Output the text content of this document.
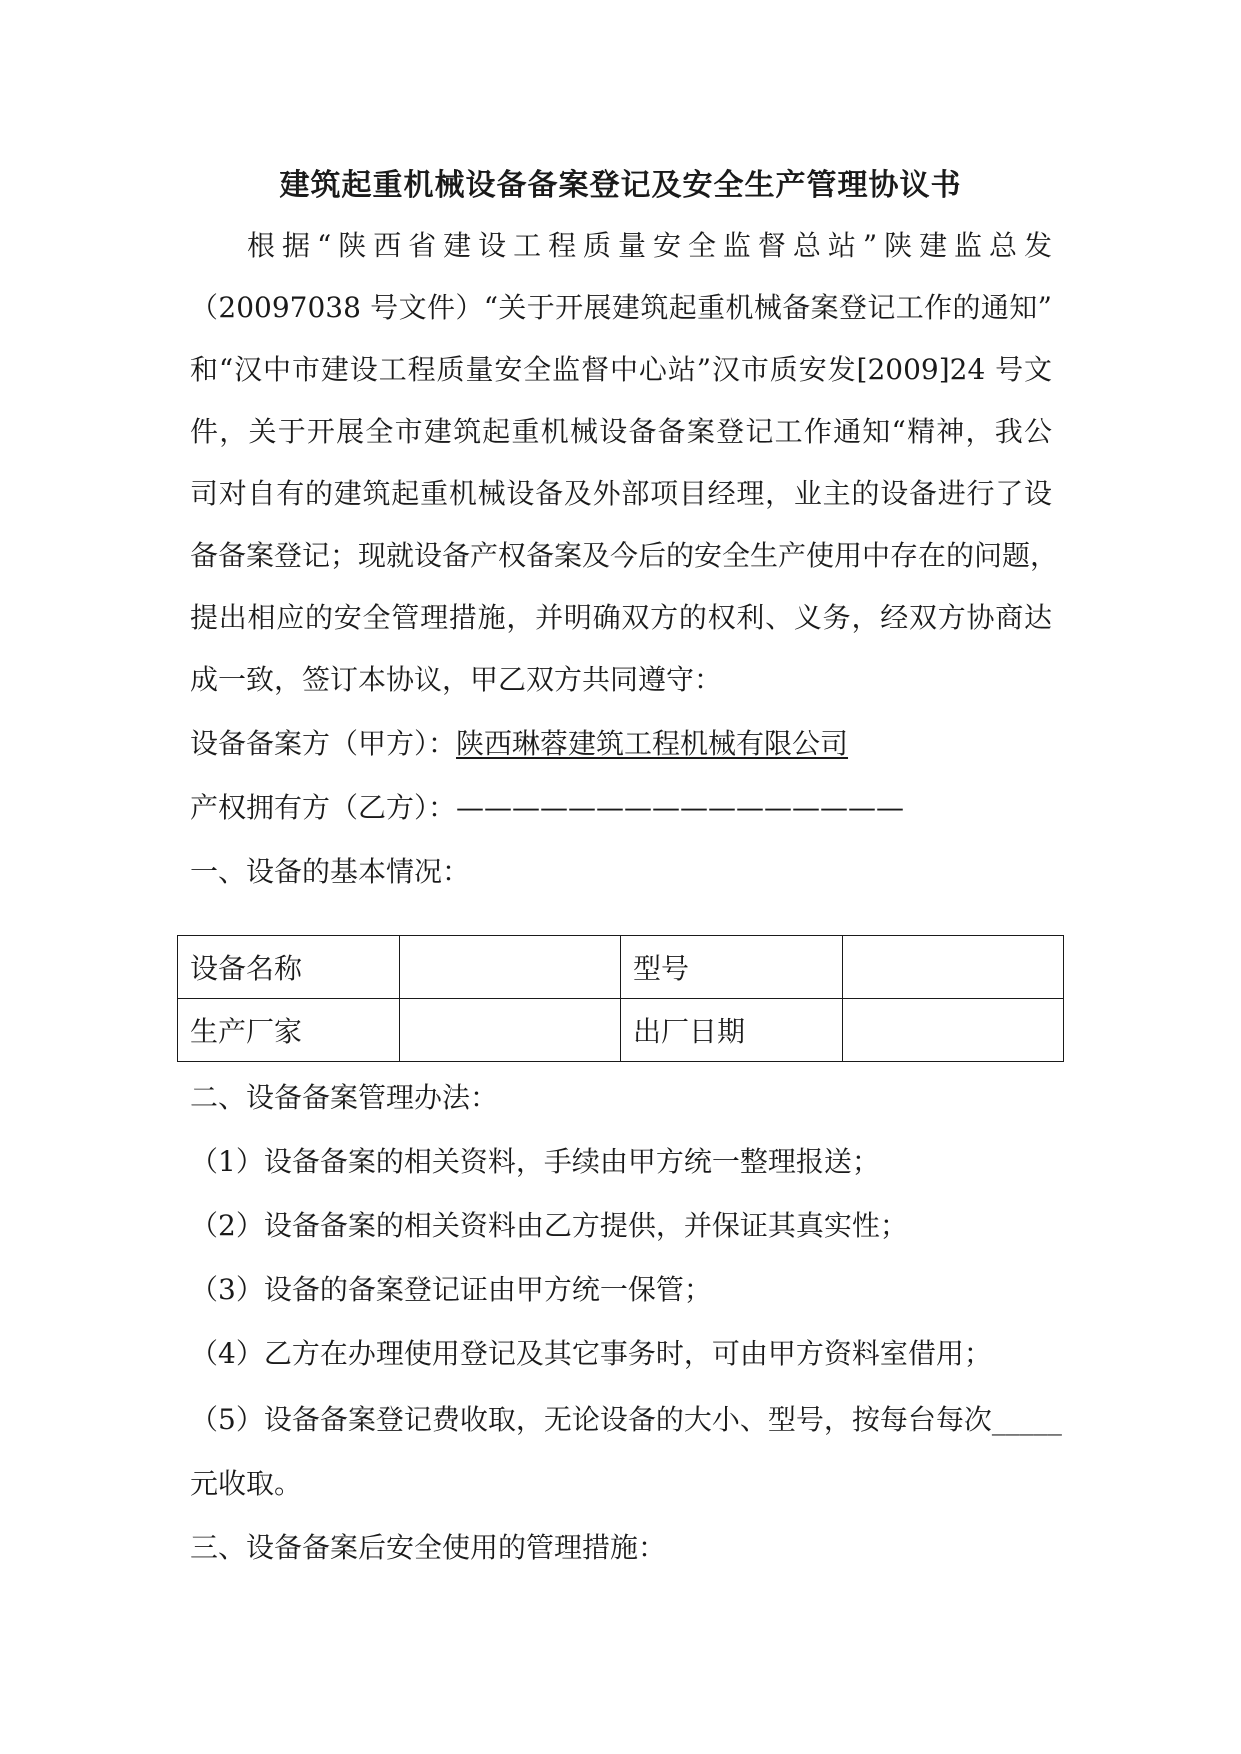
建筑起重机械设备备案登记及安全生产管理协议书

根据“陕西省建设工程质量安全监督总站”陕建监总发

（20097038 号文件）“关于开展建筑起重机械备案登记工作的通知”

和“汉中市建设工程质量安全监督中心站”汉市质安发[2009]24 号文

件，关于开展全市建筑起重机械设备备案登记工作通知“精神，我公

司对自有的建筑起重机械设备及外部项目经理，业主的设备进行了设

备备案登记；现就设备产权备案及今后的安全生产使用中存在的问题，

提出相应的安全管理措施，并明确双方的权利、义务，经双方协商达

成一致，签订本协议，甲乙双方共同遵守：

设备备案方（甲方）：陕西琳蓉建筑工程机械有限公司

产权拥有方（乙方）：————————————————

一、设备的基本情况：

设备名称		型号	
生产厂家		出厂日期	

二、设备备案管理办法：

（1）设备备案的相关资料，手续由甲方统一整理报送；

（2）设备备案的相关资料由乙方提供，并保证其真实性；

（3）设备的备案登记证由甲方统一保管；

（4）乙方在办理使用登记及其它事务时，可由甲方资料室借用；

（5）设备备案登记费收取，无论设备的大小、型号，按每台每次_____

元收取。

三、设备备案后安全使用的管理措施：
